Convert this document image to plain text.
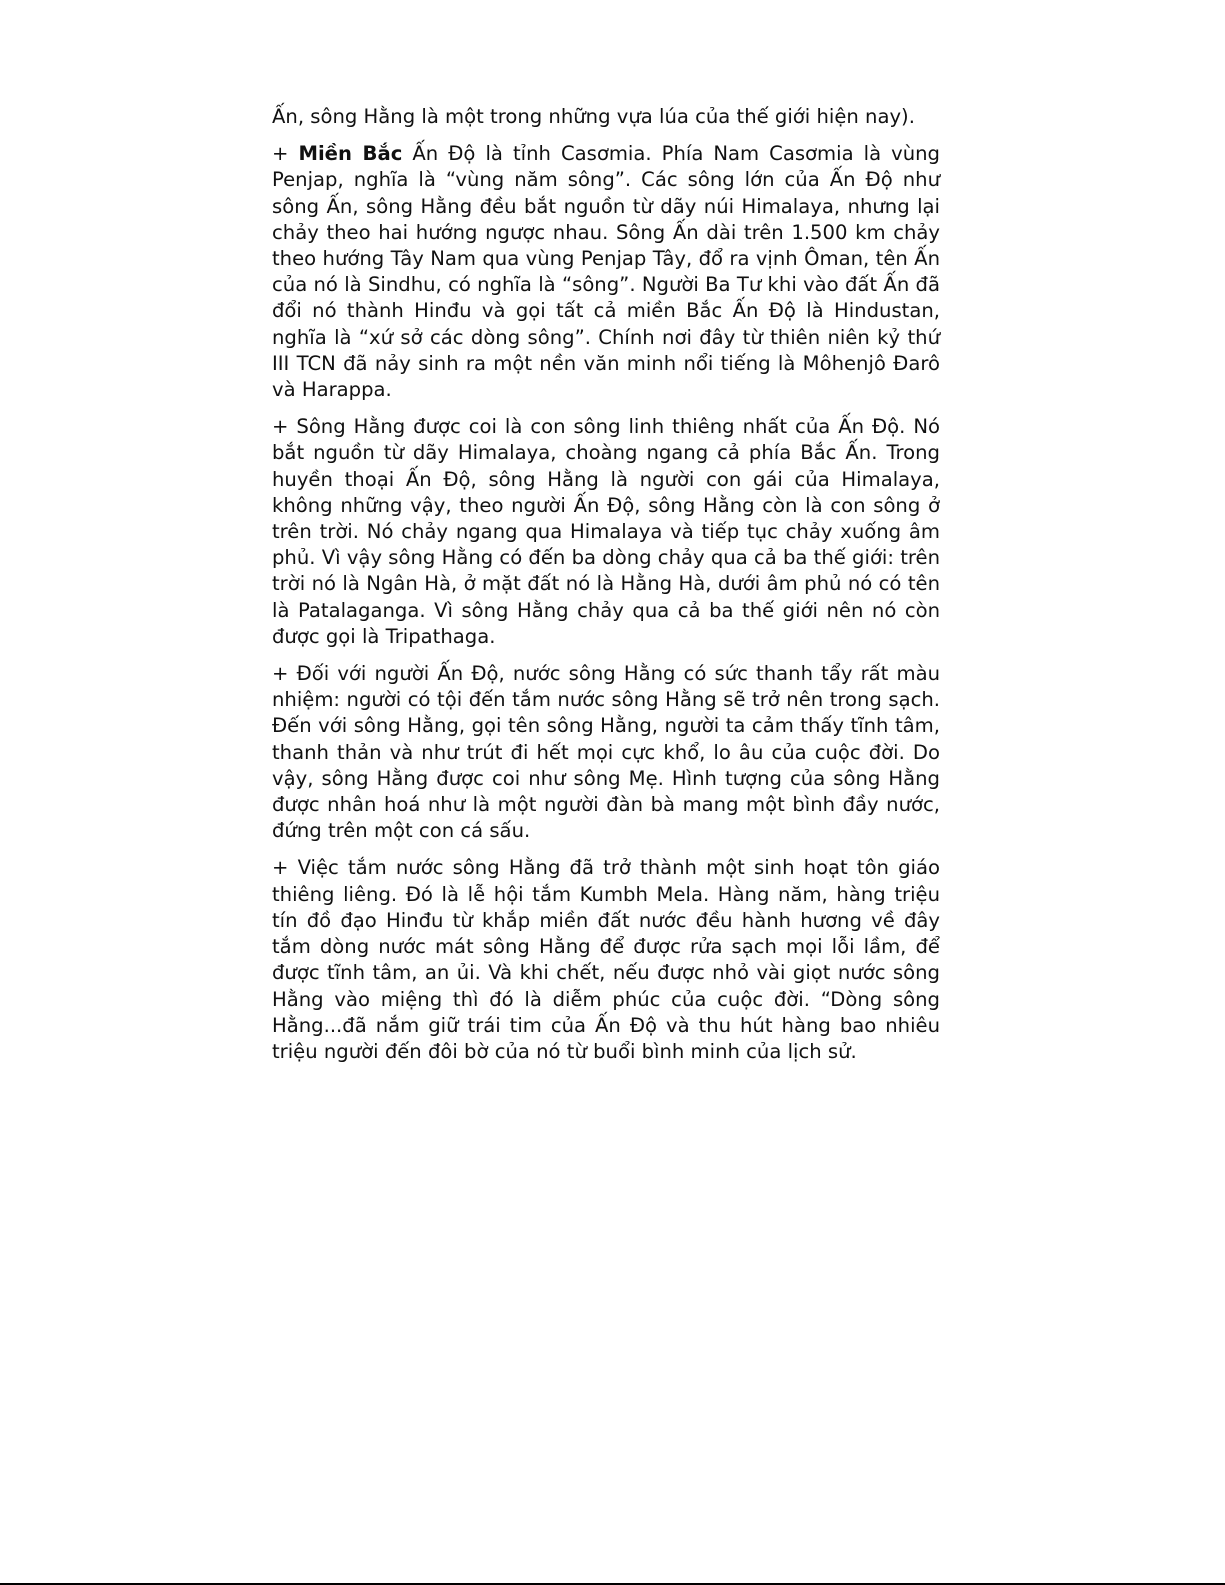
Ấn, sông Hằng là một trong những vựa lúa của thế giới hiện nay).

+ Miền Bắc Ấn Độ là tỉnh Casơmia. Phía Nam Casơmia là vùng Penjap, nghĩa là “vùng năm sông”. Các sông lớn của Ấn Độ như sông Ấn, sông Hằng đều bắt nguồn từ dãy núi Himalaya, nhưng lại chảy theo hai hướng ngược nhau. Sông Ấn dài trên 1.500 km chảy theo hướng Tây Nam qua vùng Penjap Tây, đổ ra vịnh Ôman, tên Ấn của nó là Sindhu, có nghĩa là “sông”. Người Ba Tư khi vào đất Ấn đã đổi nó thành Hinđu và gọi tất cả miền Bắc Ấn Độ là Hindustan, nghĩa là “xứ sở các dòng sông”. Chính nơi đây từ thiên niên kỷ thứ III TCN đã nảy sinh ra một nền văn minh nổi tiếng là Môhenjô Đarô và Harappa.

+ Sông Hằng được coi là con sông linh thiêng nhất của Ấn Độ. Nó bắt nguồn từ dãy Himalaya, choàng ngang cả phía Bắc Ấn. Trong huyền thoại Ấn Độ, sông Hằng là người con gái của Himalaya, không những vậy, theo người Ấn Độ, sông Hằng còn là con sông ở trên trời. Nó chảy ngang qua Himalaya và tiếp tục chảy xuống âm phủ. Vì vậy sông Hằng có đến ba dòng chảy qua cả ba thế giới: trên trời nó là Ngân Hà, ở mặt đất nó là Hằng Hà, dưới âm phủ nó có tên là Patalaganga. Vì sông Hằng chảy qua cả ba thế giới nên nó còn được gọi là Tripathaga.

+ Đối với người Ấn Độ, nước sông Hằng có sức thanh tẩy rất màu nhiệm: người có tội đến tắm nước sông Hằng sẽ trở nên trong sạch. Đến với sông Hằng, gọi tên sông Hằng, người ta cảm thấy tĩnh tâm, thanh thản và như trút đi hết mọi cực khổ, lo âu của cuộc đời. Do vậy, sông Hằng được coi như sông Mẹ. Hình tượng của sông Hằng được nhân hoá như là một người đàn bà mang một bình đầy nước, đứng trên một con cá sấu.

+ Việc tắm nước sông Hằng đã trở thành một sinh hoạt tôn giáo thiêng liêng. Đó là lễ hội tắm Kumbh Mela. Hàng năm, hàng triệu tín đồ đạo Hinđu từ khắp miền đất nước đều hành hương về đây tắm dòng nước mát sông Hằng để được rửa sạch mọi lỗi lầm, để được tĩnh tâm, an ủi. Và khi chết, nếu được nhỏ vài giọt nước sông Hằng vào miệng thì đó là diễm phúc của cuộc đời. “Dòng sông Hằng...đã nắm giữ trái tim của Ấn Độ và thu hút hàng bao nhiêu triệu người đến đôi bờ của nó từ buổi bình minh của lịch sử.
